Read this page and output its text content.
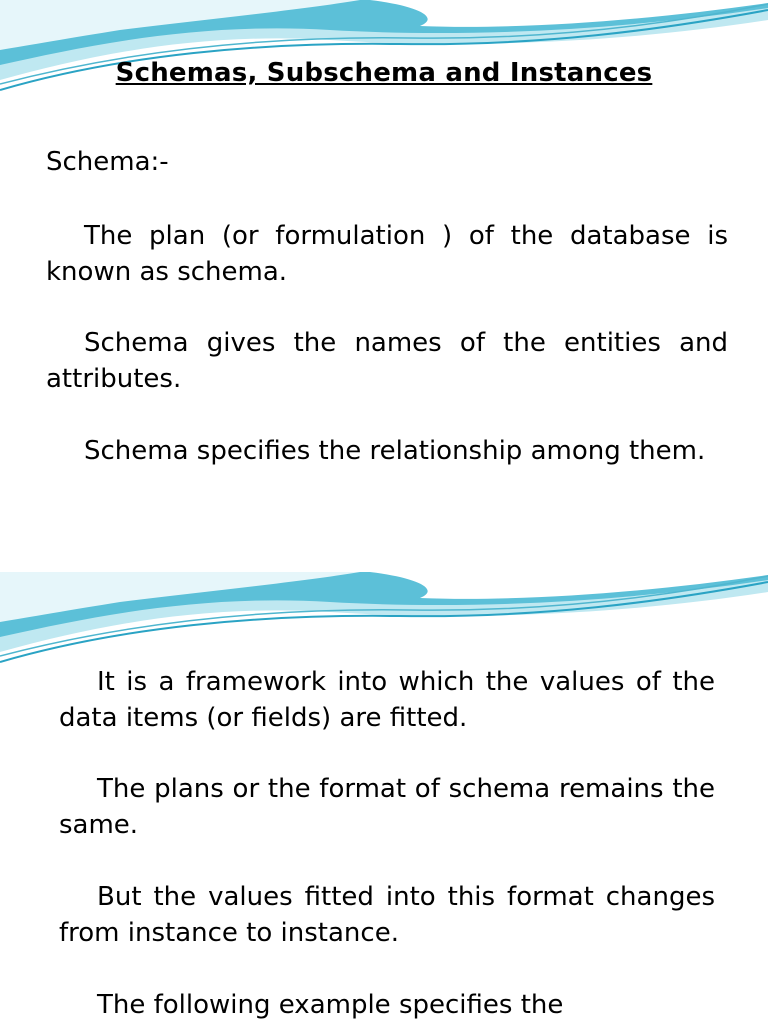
Schemas, Subschema and Instances
Schema:-

The plan (or formulation ) of the database is known as schema.

Schema gives the names of the entities and attributes.

Schema specifies the relationship among them.

It is a framework into which the values of the data items (or fields) are fitted.

The plans or the format of schema remains the same.

But the values fitted into this format changes from instance to instance.

The following example specifies the
